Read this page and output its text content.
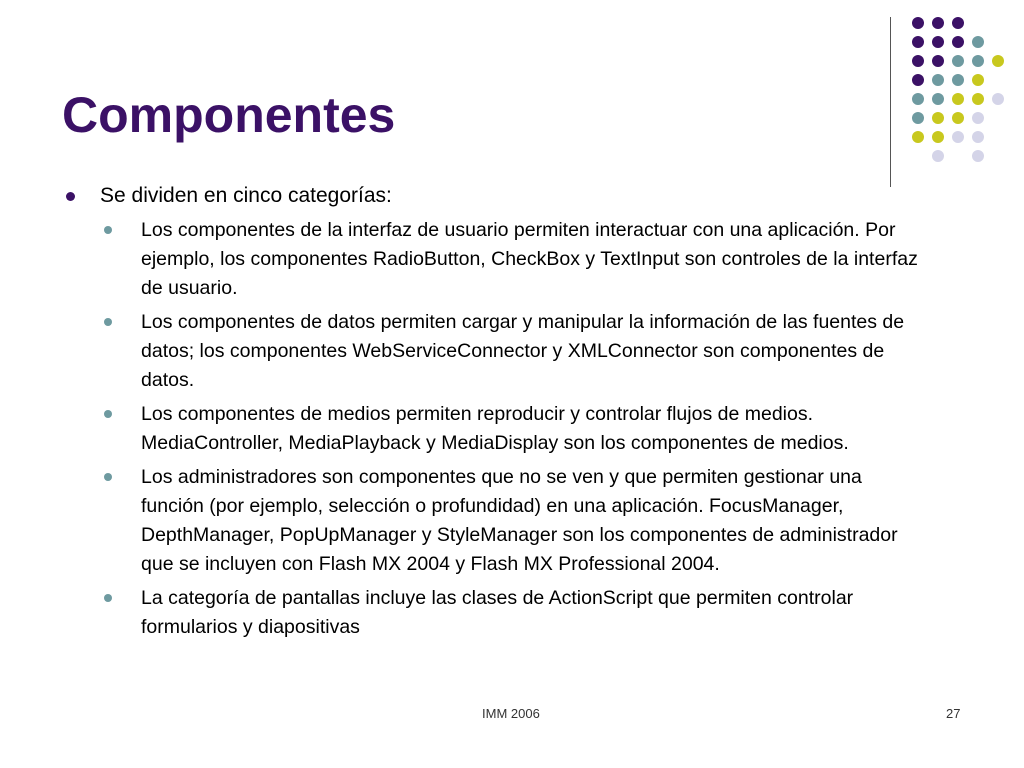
Componentes
Se dividen en cinco categorías:
Los componentes de la interfaz de usuario permiten interactuar con una aplicación. Por ejemplo, los componentes RadioButton, CheckBox y TextInput son controles de la interfaz de usuario.
Los componentes de datos permiten cargar y manipular la información de las fuentes de datos; los componentes WebServiceConnector y XMLConnector son componentes de datos.
Los componentes de medios permiten reproducir y controlar flujos de medios. MediaController, MediaPlayback y MediaDisplay son los componentes de medios.
Los administradores son componentes que no se ven y que permiten gestionar una función (por ejemplo, selección o profundidad) en una aplicación. FocusManager, DepthManager, PopUpManager y StyleManager son los componentes de administrador que se incluyen con Flash MX 2004 y Flash MX Professional 2004.
La categoría de pantallas incluye las clases de ActionScript que permiten controlar formularios y diapositivas
IMM 2006	27
